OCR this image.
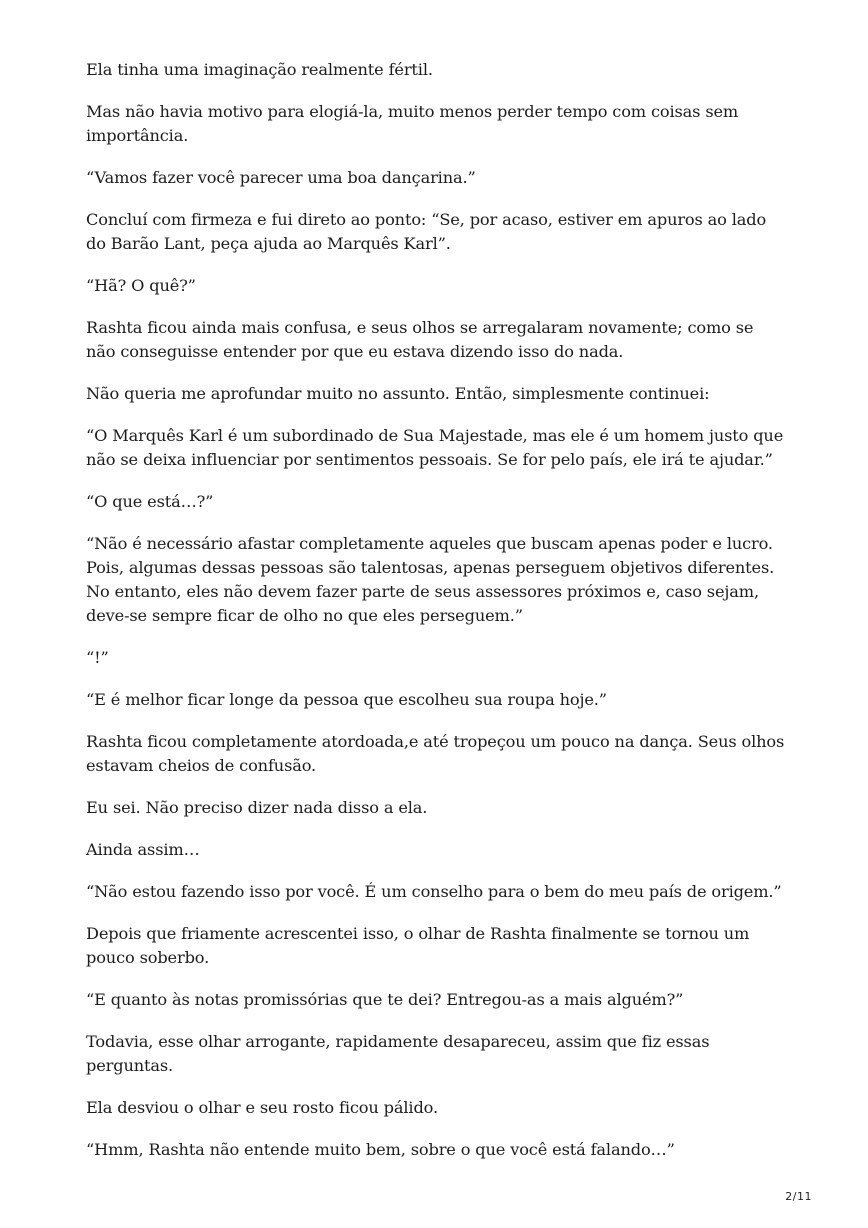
Ela tinha uma imaginação realmente fértil.

Mas não havia motivo para elogiá-la, muito menos perder tempo com coisas sem importância.

“Vamos fazer você parecer uma boa dançarina.”

Concluí com firmeza e fui direto ao ponto: “Se, por acaso, estiver em apuros ao lado do Barão Lant, peça ajuda ao Marquês Karl”.

“Hã? O quê?”

Rashta ficou ainda mais confusa, e seus olhos se arregalaram novamente; como se não conseguisse entender por que eu estava dizendo isso do nada.

Não queria me aprofundar muito no assunto. Então, simplesmente continuei:

“O Marquês Karl é um subordinado de Sua Majestade, mas ele é um homem justo que não se deixa influenciar por sentimentos pessoais. Se for pelo país, ele irá te ajudar.”

“O que está…?”

“Não é necessário afastar completamente aqueles que buscam apenas poder e lucro. Pois, algumas dessas pessoas são talentosas, apenas perseguem objetivos diferentes. No entanto, eles não devem fazer parte de seus assessores próximos e, caso sejam, deve-se sempre ficar de olho no que eles perseguem.”

“!”

“E é melhor ficar longe da pessoa que escolheu sua roupa hoje.”

Rashta ficou completamente atordoada,e até tropeçou um pouco na dança. Seus olhos estavam cheios de confusão.

Eu sei. Não preciso dizer nada disso a ela.

Ainda assim…

“Não estou fazendo isso por você. É um conselho para o bem do meu país de origem.”

Depois que friamente acrescentei isso, o olhar de Rashta finalmente se tornou um pouco soberbo.

“E quanto às notas promissórias que te dei? Entregou-as a mais alguém?”

Todavia, esse olhar arrogante, rapidamente desapareceu, assim que fiz essas perguntas.

Ela desviou o olhar e seu rosto ficou pálido.

“Hmm, Rashta não entende muito bem, sobre o que você está falando…”

2/11
